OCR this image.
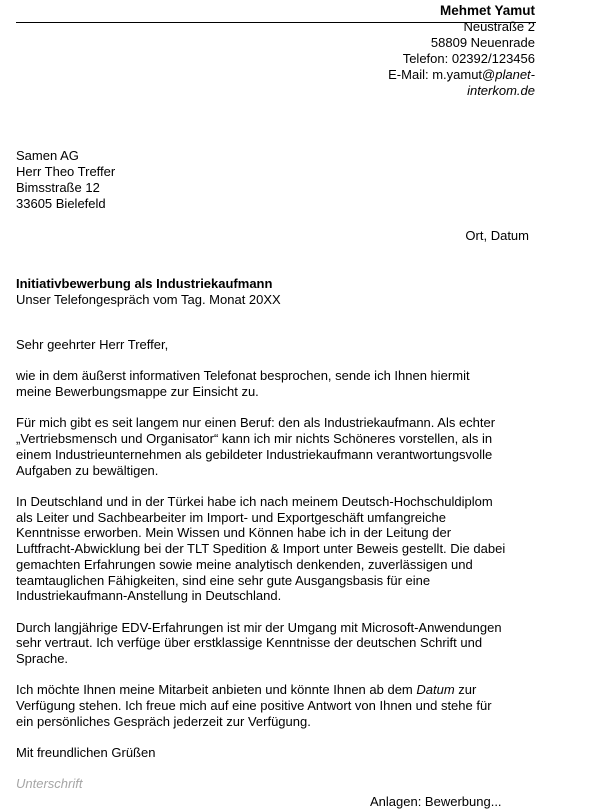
Mehmet Yamut
Neustraße 2
58809 Neuenrade
Telefon: 02392/123456
E-Mail: m.yamut@planet-
interkom.de
Samen AG
Herr Theo Treffer
Bimsstraße 12
33605 Bielefeld
Ort, Datum
Initiativbewerbung als Industriekaufmann
Unser Telefongespräch vom Tag. Monat 20XX

Sehr geehrter Herr Treffer,

wie in dem äußerst informativen Telefonat besprochen, sende ich Ihnen hiermit
meine Bewerbungsmappe zur Einsicht zu.

Für mich gibt es seit langem nur einen Beruf: den als Industriekaufmann. Als echter
„Vertriebsmensch und Organisator“ kann ich mir nichts Schöneres vorstellen, als in
einem Industrieunternehmen als gebildeter Industriekaufmann verantwortungsvolle
Aufgaben zu bewältigen.

In Deutschland und in der Türkei habe ich nach meinem Deutsch-Hochschuldiplom
als Leiter und Sachbearbeiter im Import- und Exportgeschäft umfangreiche
Kenntnisse erworben. Mein Wissen und Können habe ich in der Leitung der
Luftfracht-Abwicklung bei der TLT Spedition & Import unter Beweis gestellt. Die dabei
gemachten Erfahrungen sowie meine analytisch denkenden, zuverlässigen und
teamtauglichen Fähigkeiten, sind eine sehr gute Ausgangsbasis für eine
Industriekaufmann-Anstellung in Deutschland.

Durch langjährige EDV-Erfahrungen ist mir der Umgang mit Microsoft-Anwendungen
sehr vertraut. Ich verfüge über erstklassige Kenntnisse der deutschen Schrift und
Sprache.

Ich möchte Ihnen meine Mitarbeit anbieten und könnte Ihnen ab dem Datum zur
Verfügung stehen. Ich freue mich auf eine positive Antwort von Ihnen und stehe für
ein persönliches Gespräch jederzeit zur Verfügung.

Mit freundlichen Grüßen

Unterschrift

Anlagen: Bewerbung...
